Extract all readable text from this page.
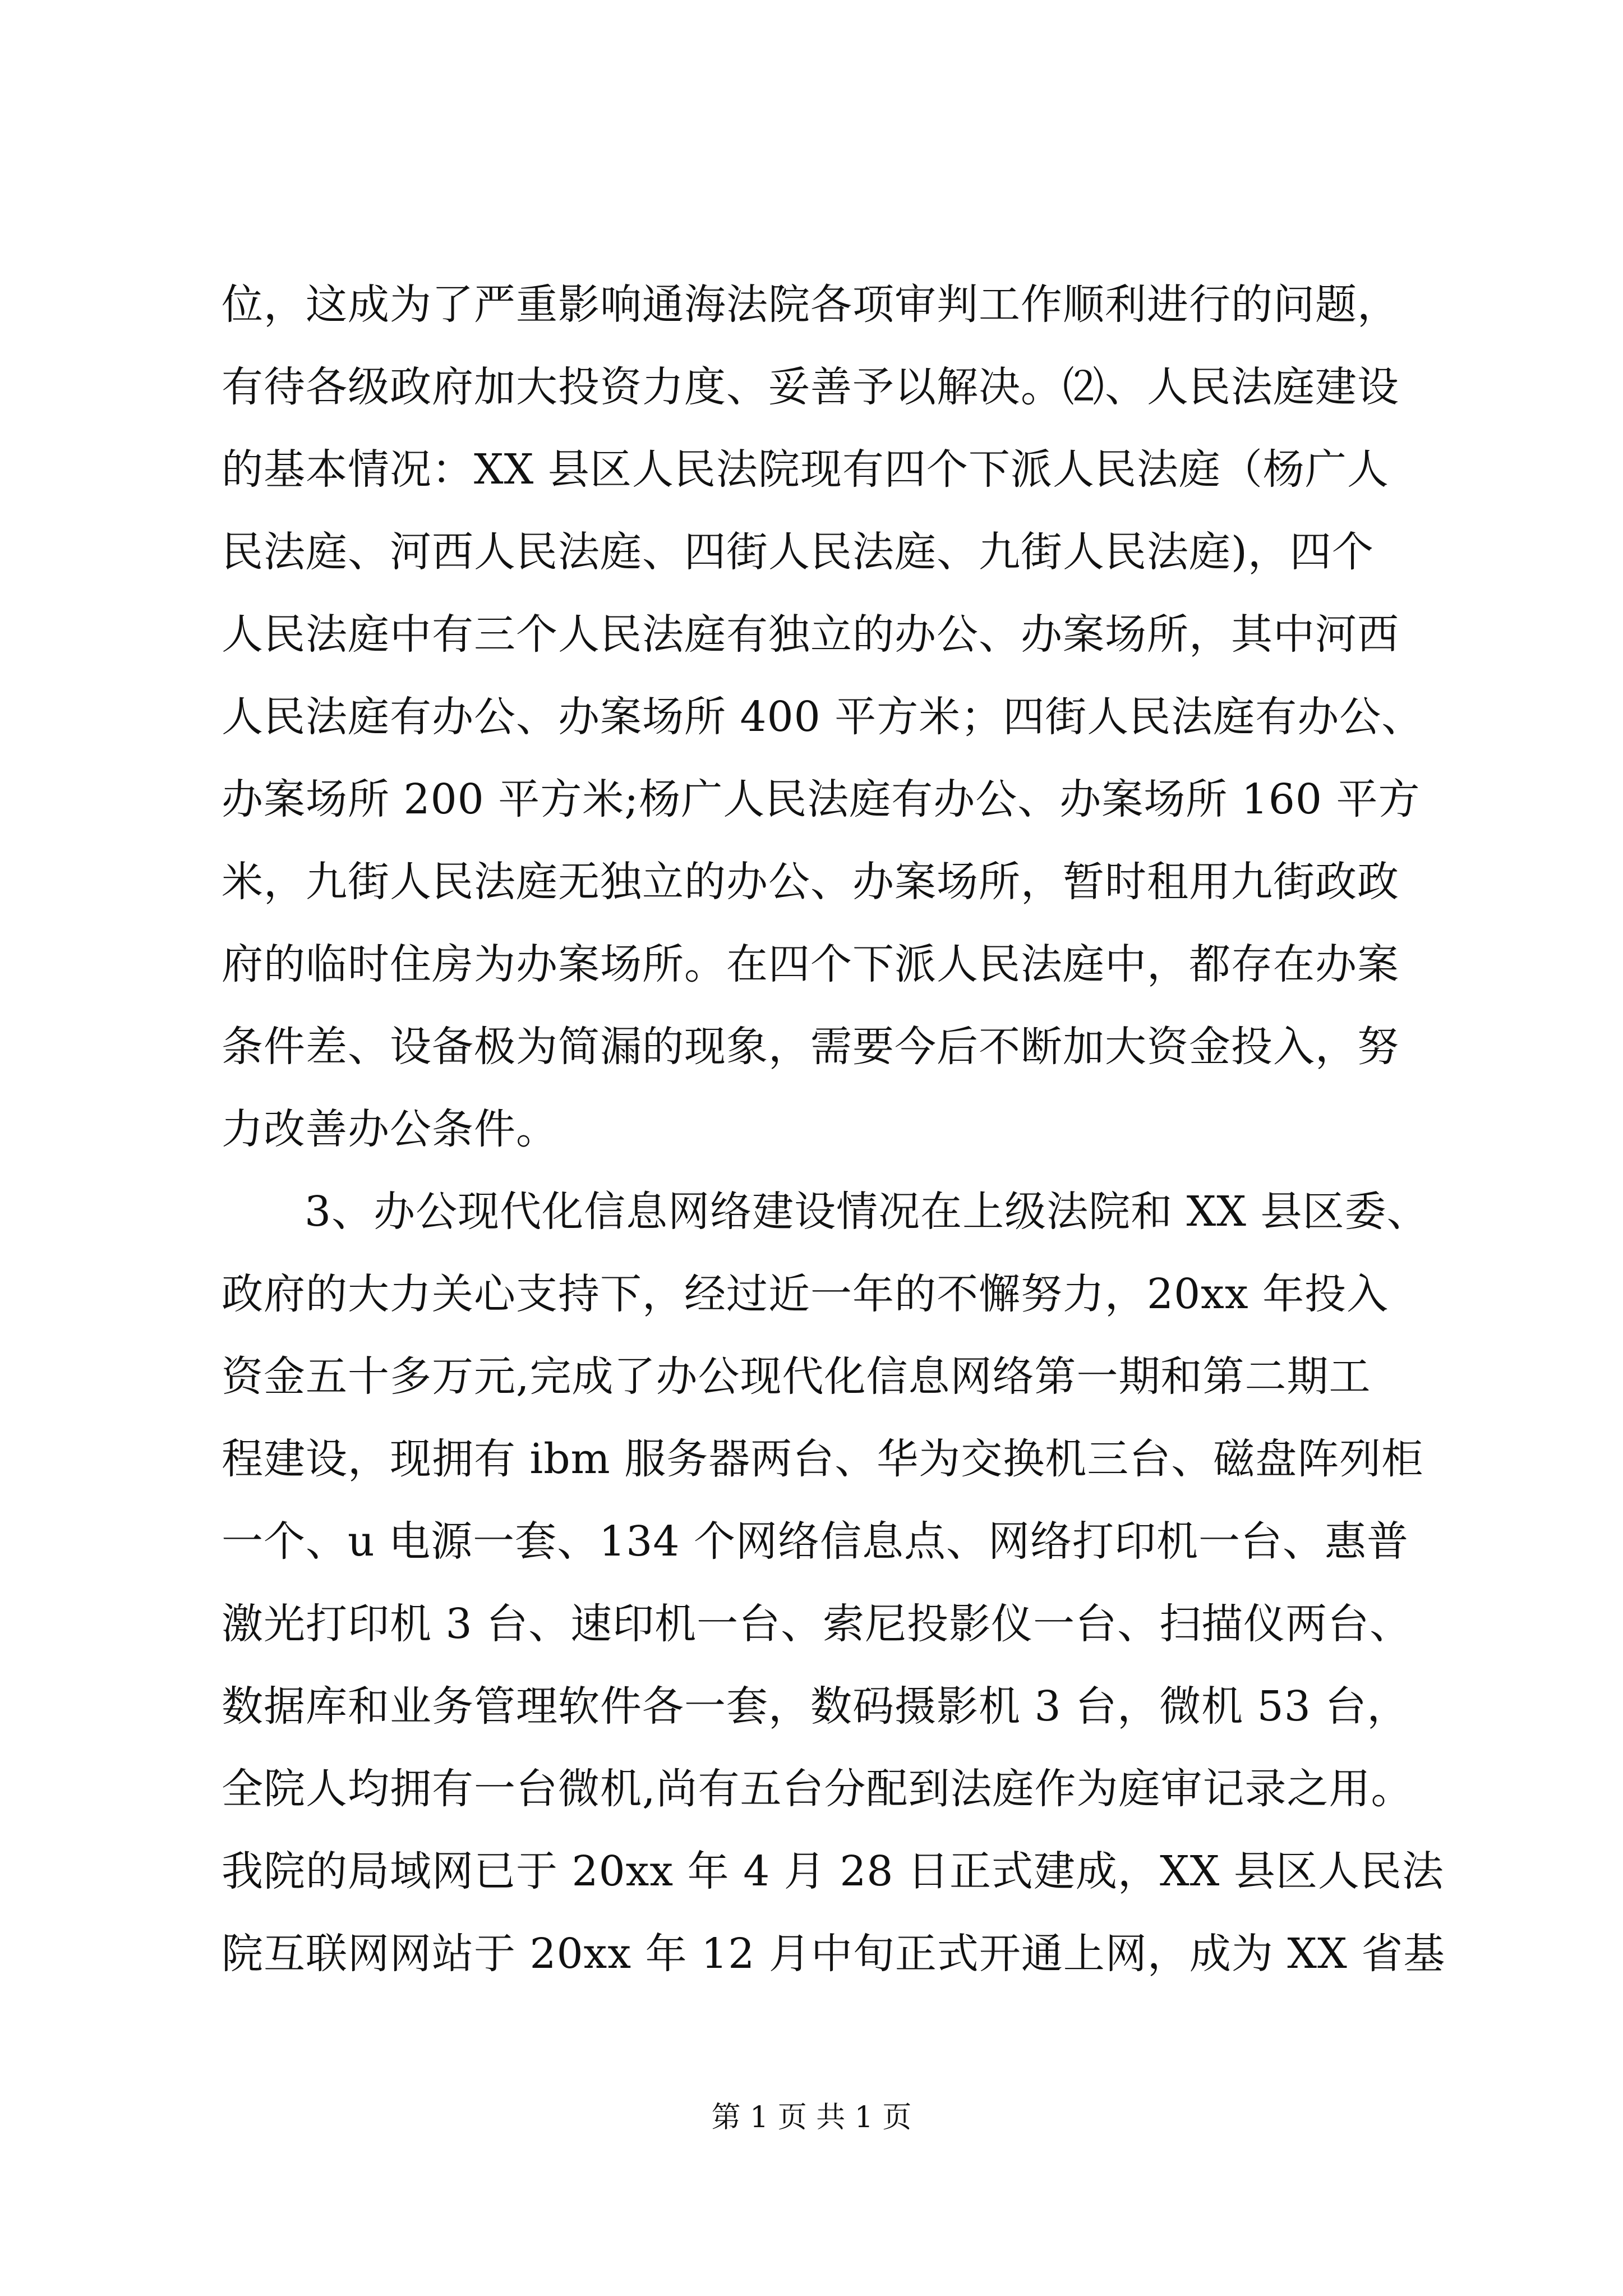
位，这成为了严重影响通海法院各项审判工作顺利进行的问题，
有待各级政府加大投资力度、妥善予以解决。⑵、人民法庭建设
的基本情况：XX 县区人民法院现有四个下派人民法庭（杨广人
民法庭、河西人民法庭、四街人民法庭、九街人民法庭)，四个
人民法庭中有三个人民法庭有独立的办公、办案场所，其中河西
人民法庭有办公、办案场所 400 平方米；四街人民法庭有办公、
办案场所 200 平方米;杨广人民法庭有办公、办案场所 160 平方
米，九街人民法庭无独立的办公、办案场所，暂时租用九街政政
府的临时住房为办案场所。在四个下派人民法庭中，都存在办案
条件差、设备极为简漏的现象，需要今后不断加大资金投入，努
力改善办公条件。
3、办公现代化信息网络建设情况在上级法院和 XX 县区委、
政府的大力关心支持下，经过近一年的不懈努力，20xx 年投入
资金五十多万元,完成了办公现代化信息网络第一期和第二期工
程建设，现拥有 ibm 服务器两台、华为交换机三台、磁盘阵列柜
一个、u 电源一套、134 个网络信息点、网络打印机一台、惠普
激光打印机 3 台、速印机一台、索尼投影仪一台、扫描仪两台、
数据库和业务管理软件各一套，数码摄影机 3 台，微机 53 台，
全院人均拥有一台微机,尚有五台分配到法庭作为庭审记录之用。
我院的局域网已于 20xx 年 4 月 28 日正式建成，XX 县区人民法
院互联网网站于 20xx 年 12 月中旬正式开通上网，成为 XX 省基
第 1 页 共 1 页
